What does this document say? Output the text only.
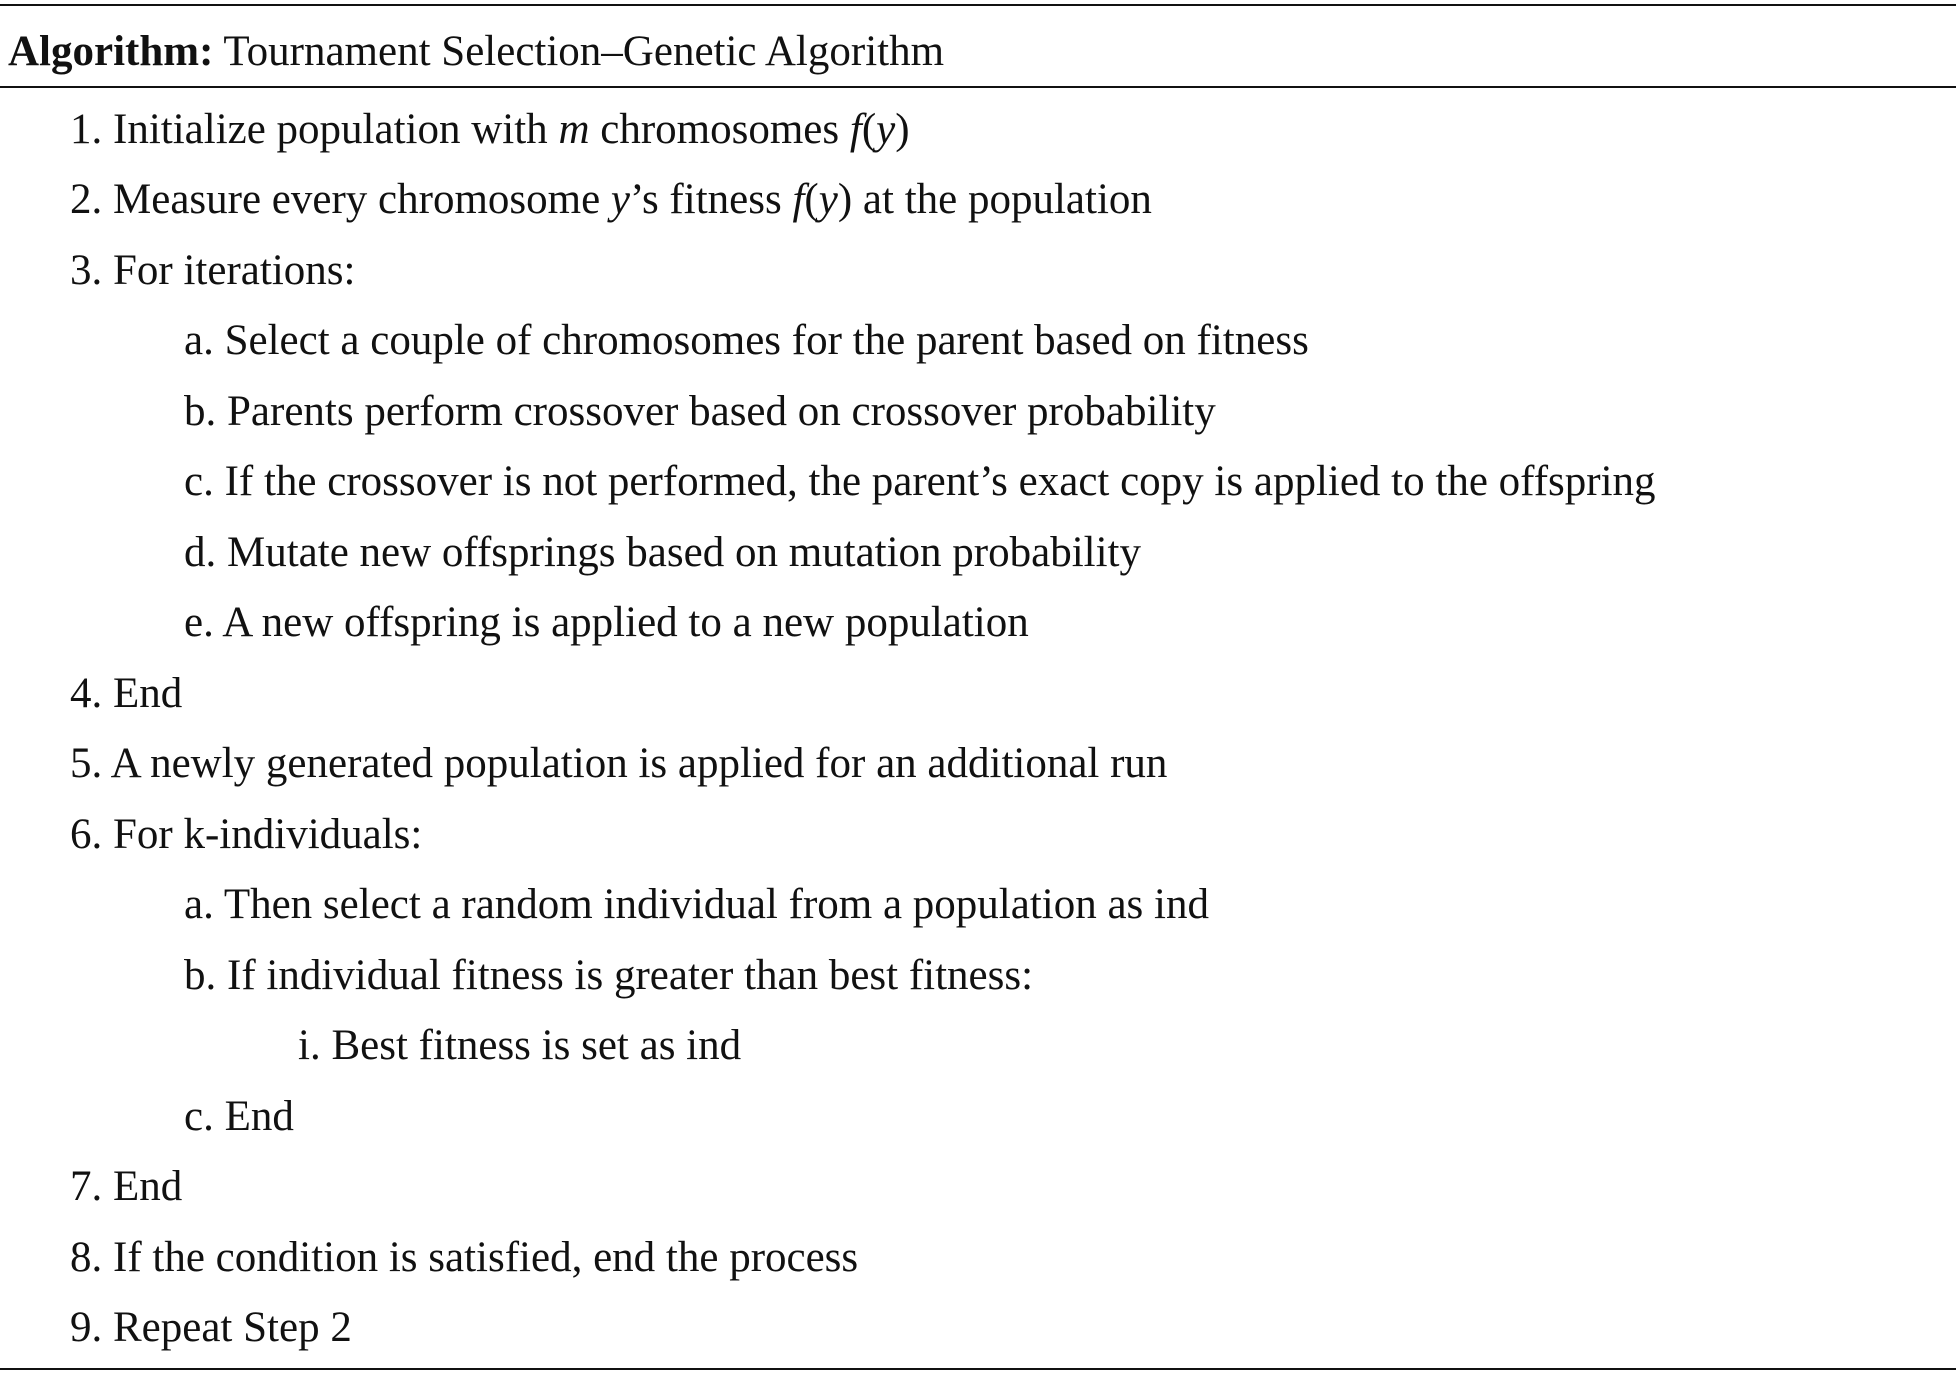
Algorithm: Tournament Selection–Genetic Algorithm
1. Initialize population with m chromosomes f(y)
2. Measure every chromosome y’s fitness f(y) at the population
3. For iterations:
a. Select a couple of chromosomes for the parent based on fitness
b. Parents perform crossover based on crossover probability
c. If the crossover is not performed, the parent’s exact copy is applied to the offspring
d. Mutate new offsprings based on mutation probability
e. A new offspring is applied to a new population
4. End
5. A newly generated population is applied for an additional run
6. For k-individuals:
a. Then select a random individual from a population as ind
b. If individual fitness is greater than best fitness:
i. Best fitness is set as ind
c. End
7. End
8. If the condition is satisfied, end the process
9. Repeat Step 2
